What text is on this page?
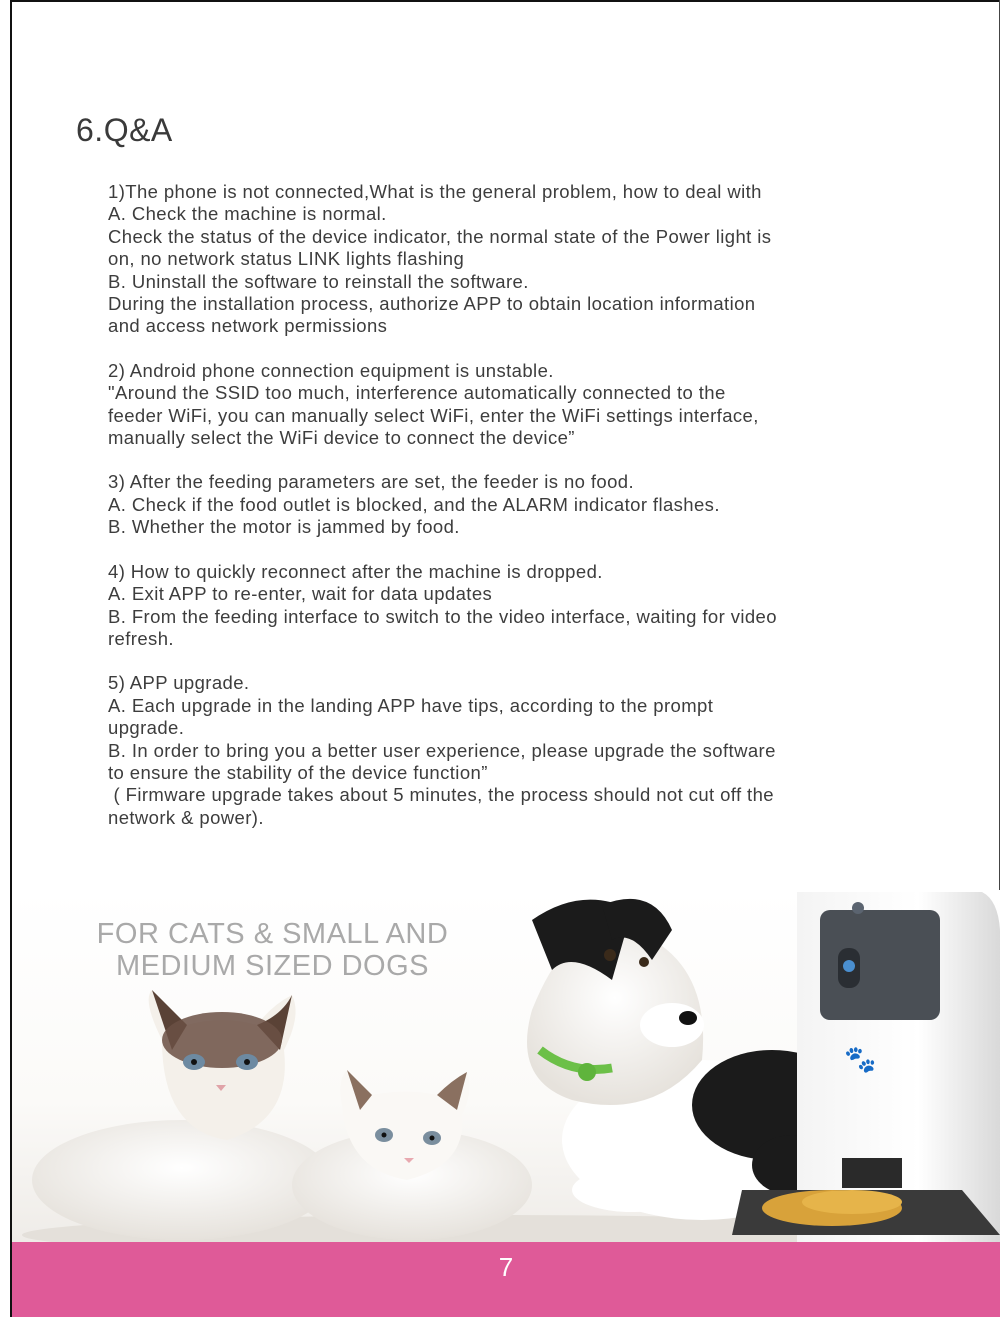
6.Q&A
1)The phone is not connected,What is the general problem, how to deal with
A. Check the machine is normal.
Check the status of the device indicator, the normal state of the Power light is
on, no network status LINK lights flashing
B. Uninstall the software to reinstall the software.
During the installation process, authorize APP to obtain location information
and access network permissions
2) Android phone connection equipment is unstable.
"Around the SSID too much, interference automatically connected to the
feeder WiFi, you can manually select WiFi, enter the WiFi settings interface,
manually select the WiFi device to connect the device”
3) After the feeding parameters are set, the feeder is no food.
A. Check if the food outlet is blocked, and the ALARM indicator flashes.
B. Whether the motor is jammed by food.
4) How to quickly reconnect after the machine is dropped.
A. Exit APP to re-enter, wait for data updates
B. From the feeding interface to switch to the video interface, waiting for video
refresh.
5) APP upgrade.
A. Each upgrade in the landing APP have tips, according to the prompt
upgrade.
B. In order to bring you a better user experience, please upgrade the software
to ensure the stability of the device function”
( Firmware upgrade takes about 5 minutes, the process should not cut off the
network & power).
🐾
FOR CATS & SMALL AND
MEDIUM SIZED DOGS
7
